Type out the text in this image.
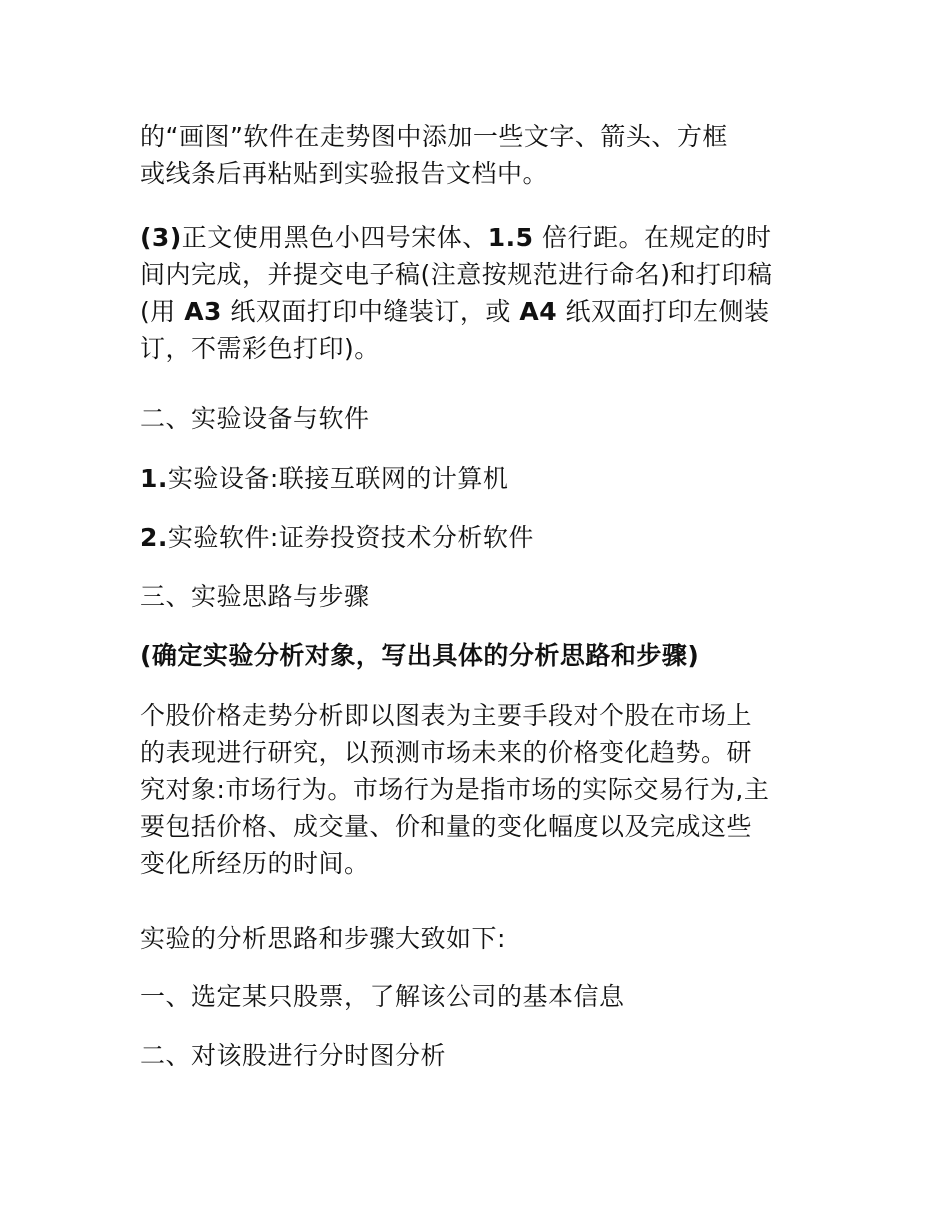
的“画图”软件在走势图中添加一些文字、箭头、方框
或线条后再粘贴到实验报告文档中。

(3)正文使用黑色小四号宋体、1.5 倍行距。在规定的时
间内完成，并提交电子稿(注意按规范进行命名)和打印稿
(用 A3 纸双面打印中缝装订，或 A4 纸双面打印左侧装
订，不需彩色打印)。

二、实验设备与软件

1.实验设备:联接互联网的计算机

2.实验软件:证券投资技术分析软件

三、实验思路与步骤

(确定实验分析对象，写出具体的分析思路和步骤)

个股价格走势分析即以图表为主要手段对个股在市场上
的表现进行研究，以预测市场未来的价格变化趋势。研
究对象:市场行为。市场行为是指市场的实际交易行为,主
要包括价格、成交量、价和量的变化幅度以及完成这些
变化所经历的时间。

实验的分析思路和步骤大致如下:

一、选定某只股票，了解该公司的基本信息

二、对该股进行分时图分析
